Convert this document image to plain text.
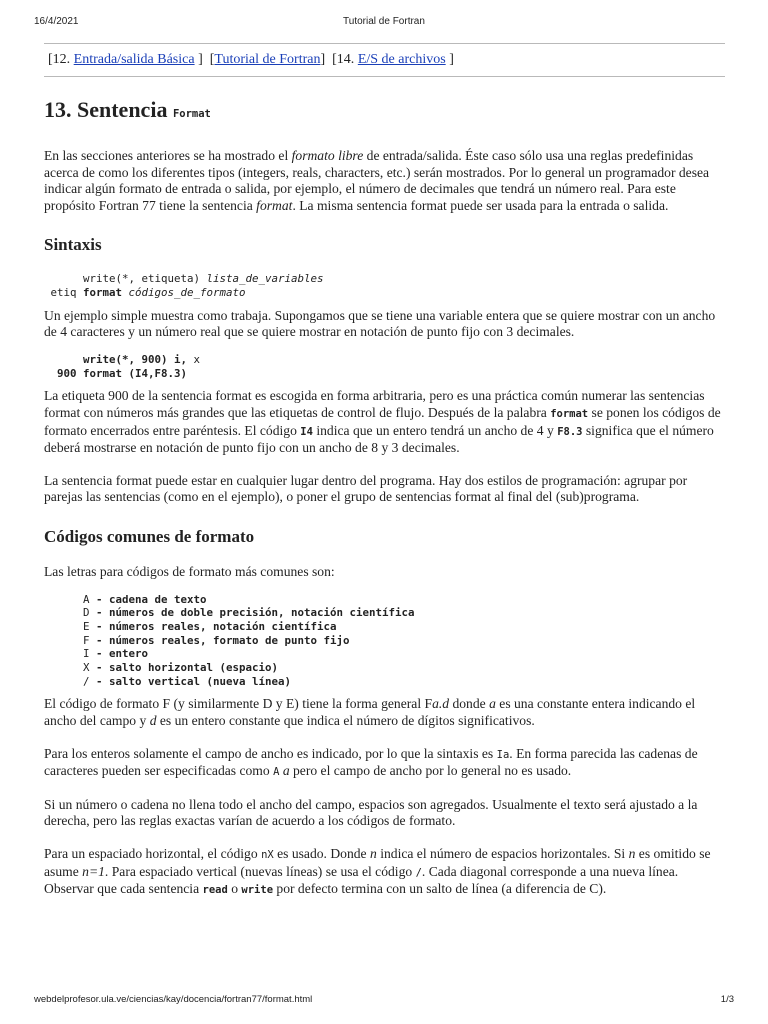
16/4/2021	Tutorial de Fortran
[12. Entrada/salida Básica ]  [Tutorial de Fortran] [14. E/S de archivos ]
13. Sentencia Format

En las secciones anteriores se ha mostrado el formato libre de entrada/salida. Éste caso sólo usa una reglas predefinidas acerca de como los diferentes tipos (integers, reals, characters, etc.) serán mostrados. Por lo general un programador desea indicar algún formato de entrada o salida, por ejemplo, el número de decimales que tendrá un número real. Para este propósito Fortran 77 tiene la sentencia format. La misma sentencia format puede ser usada para la entrada o salida.

Sintaxis
write(*, etiqueta) lista_de_variables
etiq format códigos_de_formato

Un ejemplo simple muestra como trabaja. Supongamos que se tiene una variable entera que se quiere mostrar con un ancho de 4 caracteres y un número real que se quiere mostrar en notación de punto fijo con 3 decimales.

write(*, 900) i, x
900 format (I4,F8.3)

La etiqueta 900 de la sentencia format es escogida en forma arbitraria, pero es una práctica común numerar las sentencias format con números más grandes que las etiquetas de control de flujo. Después de la palabra format se ponen los códigos de formato encerrados entre paréntesis. El código I4 indica que un entero tendrá un ancho de 4 y F8.3 significa que el número deberá mostrarse en notación de punto fijo con un ancho de 8 y 3 decimales.

La sentencia format puede estar en cualquier lugar dentro del programa. Hay dos estilos de programación: agrupar por parejas las sentencias (como en el ejemplo), o poner el grupo de sentencias format al final del (sub)programa.

Códigos comunes de formato

Las letras para códigos de formato más comunes son:

A - cadena de texto
D - números de doble precisión, notación científica
E - números reales, notación científica
F - números reales, formato de punto fijo
I - entero
X - salto horizontal (espacio)
/ - salto vertical (nueva línea)

El código de formato F (y similarmente D y E) tiene la forma general Fa.d donde a es una constante entera indicando el ancho del campo y d es un entero constante que indica el número de dígitos significativos.

Para los enteros solamente el campo de ancho es indicado, por lo que la sintaxis es Ia. En forma parecida las cadenas de caracteres pueden ser especificadas como A a pero el campo de ancho por lo general no es usado.

Si un número o cadena no llena todo el ancho del campo, espacios son agregados. Usualmente el texto será ajustado a la derecha, pero las reglas exactas varían de acuerdo a los códigos de formato.

Para un espaciado horizontal, el código nX es usado. Donde n indica el número de espacios horizontales. Si n es omitido se asume n=1. Para espaciado vertical (nuevas líneas) se usa el código /. Cada diagonal corresponde a una nueva línea. Observar que cada sentencia read o write por defecto termina con un salto de línea (a diferencia de C).

webdelprofesor.ula.ve/ciencias/kay/docencia/fortran77/format.html	1/3
